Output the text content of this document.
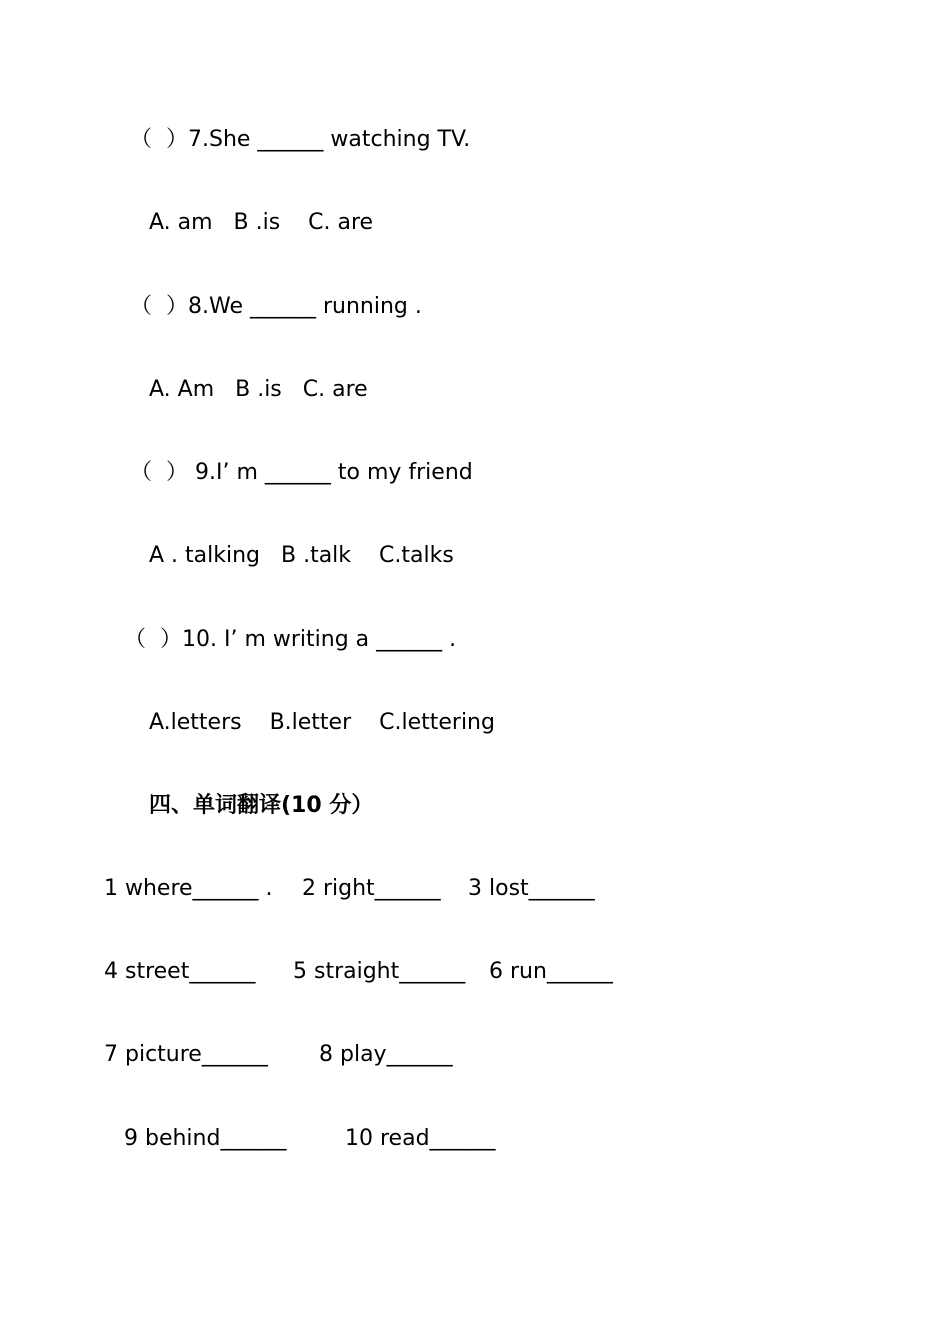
（  ）7.She ______ watching TV.
A. am   B .is    C. are
（  ）8.We ______ running .
A. Am   B .is   C. are
（  ） 9.I’ m ______ to my friend
A . talking   B .talk    C.talks
（  ）10. I’ m writing a ______ .
A.letters    B.letter    C.lettering
四、单词翻译(10 分）
1 where______ . 2 right______ 3 lost______
4 street______ 5 straight______ 6 run______
7 picture______ 8 play______
9 behind______	10 read______
